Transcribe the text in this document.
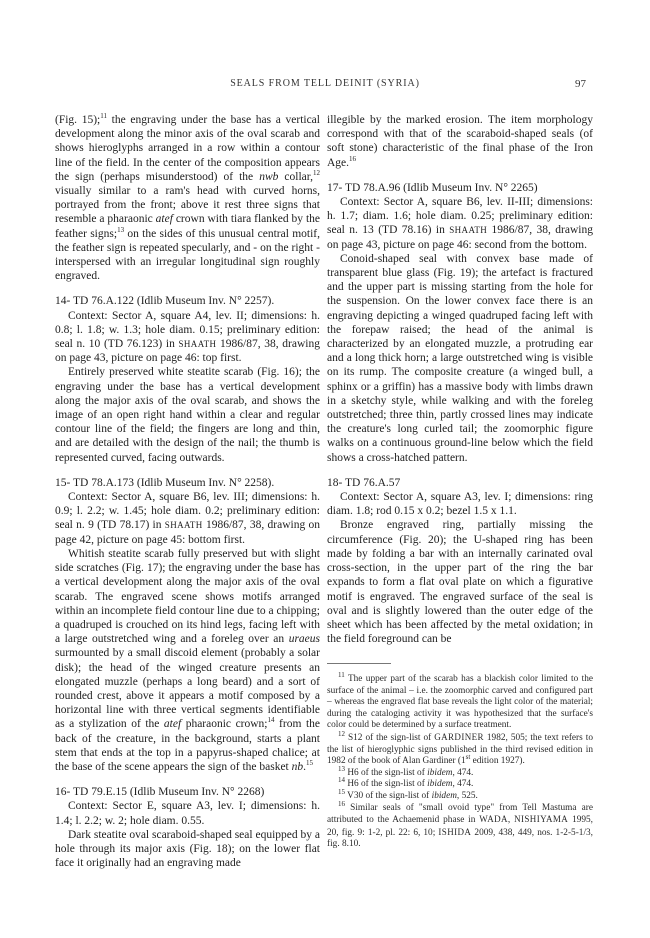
SEALS FROM TELL DEINIT (SYRIA)	97

(Fig. 15);$^{11}$ the engraving under the base has a vertical development along the minor axis of the oval scarab and shows hieroglyphs arranged in a row within a contour line of the field. In the center of the composition appears the sign (perhaps misunderstood) of the nwb collar,$^{12}$ visually similar to a ram's head with curved horns, portrayed from the front; above it rest three signs that resemble a pharaonic atef crown with tiara flanked by the feather signs;$^{13}$ on the sides of this unusual central motif, the feather sign is repeated specularly, and - on the right - interspersed with an irregular longitudinal sign roughly engraved.

14- TD 76.A.122 (Idlib Museum Inv. N° 2257).

Context: Sector A, square A4, lev. II; dimensions: h. 0.8; l. 1.8; w. 1.3; hole diam. 0.15; preliminary edition: seal n. 10 (TD 76.123) in SHAATH 1986/87, 38, drawing on page 43, picture on page 46: top first.

Entirely preserved white steatite scarab (Fig. 16); the engraving under the base has a vertical development along the major axis of the oval scarab, and shows the image of an open right hand within a clear and regular contour line of the field; the fingers are long and thin, and are detailed with the design of the nail; the thumb is represented curved, facing outwards.

15- TD 78.A.173 (Idlib Museum Inv. N° 2258).

Context: Sector A, square B6, lev. III; dimensions: h. 0.9; l. 2.2; w. 1.45; hole diam. 0.2; preliminary edition: seal n. 9 (TD 78.17) in SHAATH 1986/87, 38, drawing on page 42, picture on page 45: bottom first.

Whitish steatite scarab fully preserved but with slight side scratches (Fig. 17); the engraving under the base has a vertical development along the major axis of the oval scarab. The engraved scene shows motifs arranged within an incomplete field contour line due to a chipping; a quadruped is crouched on its hind legs, facing left with a large outstretched wing and a foreleg over an uraeus surmounted by a small discoid element (probably a solar disk); the head of the winged creature presents an elongated muzzle (perhaps a long beard) and a sort of rounded crest, above it appears a motif composed by a horizontal line with three vertical segments identifiable as a stylization of the atef pharaonic crown;$^{14}$ from the back of the creature, in the background, starts a plant stem that ends at the top in a papyrus-shaped chalice; at the base of the scene appears the sign of the basket nb.$^{15}$

16- TD 79.E.15 (Idlib Museum Inv. N° 2268)

Context: Sector E, square A3, lev. I; dimensions: h. 1.4; l. 2.2; w. 2; hole diam. 0.55.

Dark steatite oval scaraboid-shaped seal equipped by a hole through its major axis (Fig. 18); on the lower flat face it originally had an engraving made

illegible by the marked erosion. The item morphology correspond with that of the scaraboid-shaped seals (of soft stone) characteristic of the final phase of the Iron Age.$^{16}$

17- TD 78.A.96 (Idlib Museum Inv. N° 2265)

Context: Sector A, square B6, lev. II-III; dimensions: h. 1.7; diam. 1.6; hole diam. 0.25; preliminary edition: seal n. 13 (TD 78.16) in SHAATH 1986/87, 38, drawing on page 43, picture on page 46: second from the bottom.

Conoid-shaped seal with convex base made of transparent blue glass (Fig. 19); the artefact is fractured and the upper part is missing starting from the hole for the suspension. On the lower convex face there is an engraving depicting a winged quadruped facing left with the forepaw raised; the head of the animal is characterized by an elongated muzzle, a protruding ear and a long thick horn; a large outstretched wing is visible on its rump. The composite creature (a winged bull, a sphinx or a griffin) has a massive body with limbs drawn in a sketchy style, while walking and with the foreleg outstretched; three thin, partly crossed lines may indicate the creature's long curled tail; the zoomorphic figure walks on a continuous ground-line below which the field shows a cross-hatched pattern.

18- TD 76.A.57

Context: Sector A, square A3, lev. I; dimensions: ring diam. 1.8; rod 0.15 x 0.2; bezel 1.5 x 1.1.

Bronze engraved ring, partially missing the circumference (Fig. 20); the U-shaped ring has been made by folding a bar with an internally carinated oval cross-section, in the upper part of the ring the bar expands to form a flat oval plate on which a figurative motif is engraved. The engraved surface of the seal is oval and is slightly lowered than the outer edge of the sheet which has been affected by the metal oxidation; in the field foreground can be

$^{11}$ The upper part of the scarab has a blackish color limited to the surface of the animal – i.e. the zoomorphic carved and configured part – whereas the engraved flat base reveals the light color of the material; during the cataloging activity it was hypothesized that the surface's color could be determined by a surface treatment.

$^{12}$ S12 of the sign-list of GARDINER 1982, 505; the text refers to the list of hieroglyphic signs published in the third revised edition in 1982 of the book of Alan Gardiner (1st edition 1927).

$^{13}$ H6 of the sign-list of ibidem, 474.

$^{14}$ H6 of the sign-list of ibidem, 474.

$^{15}$ V30 of the sign-list of ibidem, 525.

$^{16}$ Similar seals of "small ovoid type" from Tell Mastuma are attributed to the Achaemenid phase in WADA, NISHIYAMA 1995, 20, fig. 9: 1-2, pl. 22: 6, 10; ISHIDA 2009, 438, 449, nos. 1-2-5-1/3, fig. 8.10.
